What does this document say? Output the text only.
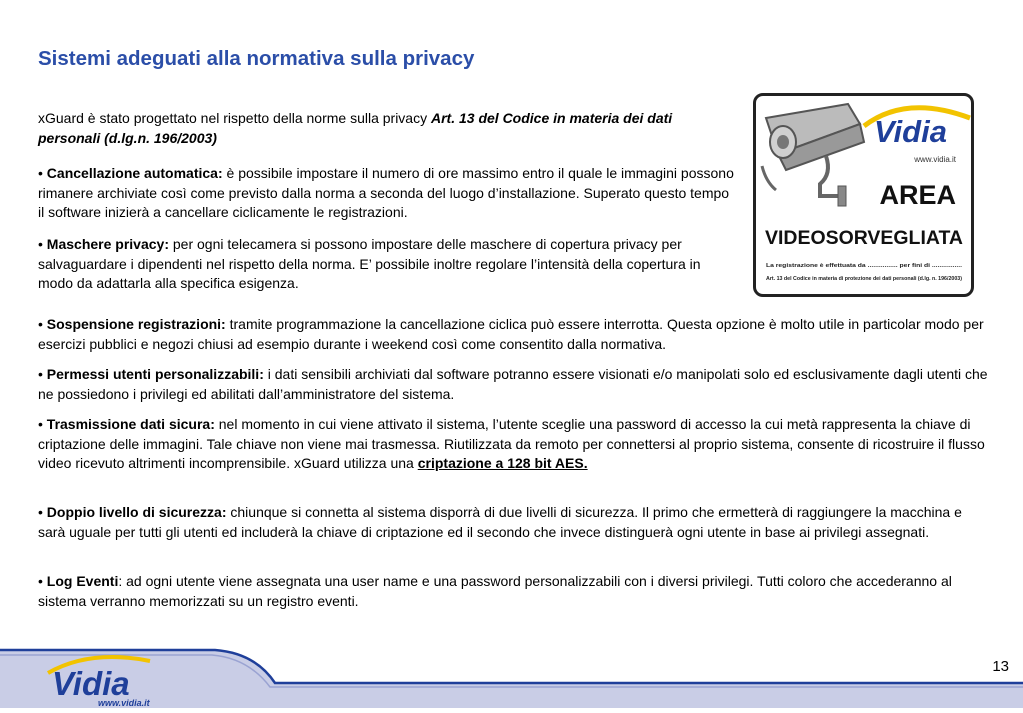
Sistemi adeguati alla normativa sulla privacy

xGuard è stato progettato nel rispetto della norme sulla privacy Art. 13 del Codice in materia dei dati personali (d.lg.n. 196/2003)

• Cancellazione automatica: è possibile impostare il numero di ore massimo entro il quale le immagini possono rimanere archiviate così come previsto dalla norma a seconda del luogo d’installazione. Superato questo tempo il software inizierà a cancellare ciclicamente le registrazioni.

• Maschere privacy: per ogni telecamera si possono impostare delle maschere di copertura privacy per salvaguardare i dipendenti nel rispetto della norma. E’ possibile inoltre regolare l’intensità della copertura in modo da adattarla alla specifica esigenza.

• Sospensione registrazioni: tramite programmazione la cancellazione ciclica può essere interrotta. Questa opzione è molto utile in particolar modo per esercizi pubblici e negozi chiusi ad esempio durante i weekend così come consentito dalla normativa.

• Permessi utenti personalizzabili: i dati sensibili archiviati dal software potranno essere visionati e/o manipolati solo ed esclusivamente dagli utenti che ne possiedono i privilegi ed abilitati dall’amministratore del sistema.

• Trasmissione dati sicura: nel momento in cui viene attivato il sistema, l’utente sceglie una password di accesso la cui metà rappresenta la chiave di criptazione delle immagini. Tale chiave non viene mai trasmessa. Riutilizzata da remoto per connettersi al proprio sistema, consente di ricostruire il flusso video ricevuto altrimenti incomprensibile. xGuard utilizza una criptazione a 128 bit AES.

• Doppio livello di sicurezza: chiunque si connetta al sistema disporrà di due livelli di sicurezza. Il primo che ermetterà di raggiungere la macchina e sarà uguale per tutti gli utenti ed includerà la chiave di criptazione ed il secondo che invece distinguerà ogni utente in base ai privilegi assegnati.

• Log Eventi: ad ogni utente viene assegnata una user name e una password personalizzabili con i diversi privilegi. Tutti coloro che accederanno al sistema verranno memorizzati su un registro eventi.

Vidia
www.vidia.it
AREA
VIDEOSORVEGLIATA
La registrazione è effettuata da ................ per fini di ................
Art. 13 del Codice in materia di protezione dei dati personali (d.lg. n. 196/2003)
Vidia
www.vidia.it
13
